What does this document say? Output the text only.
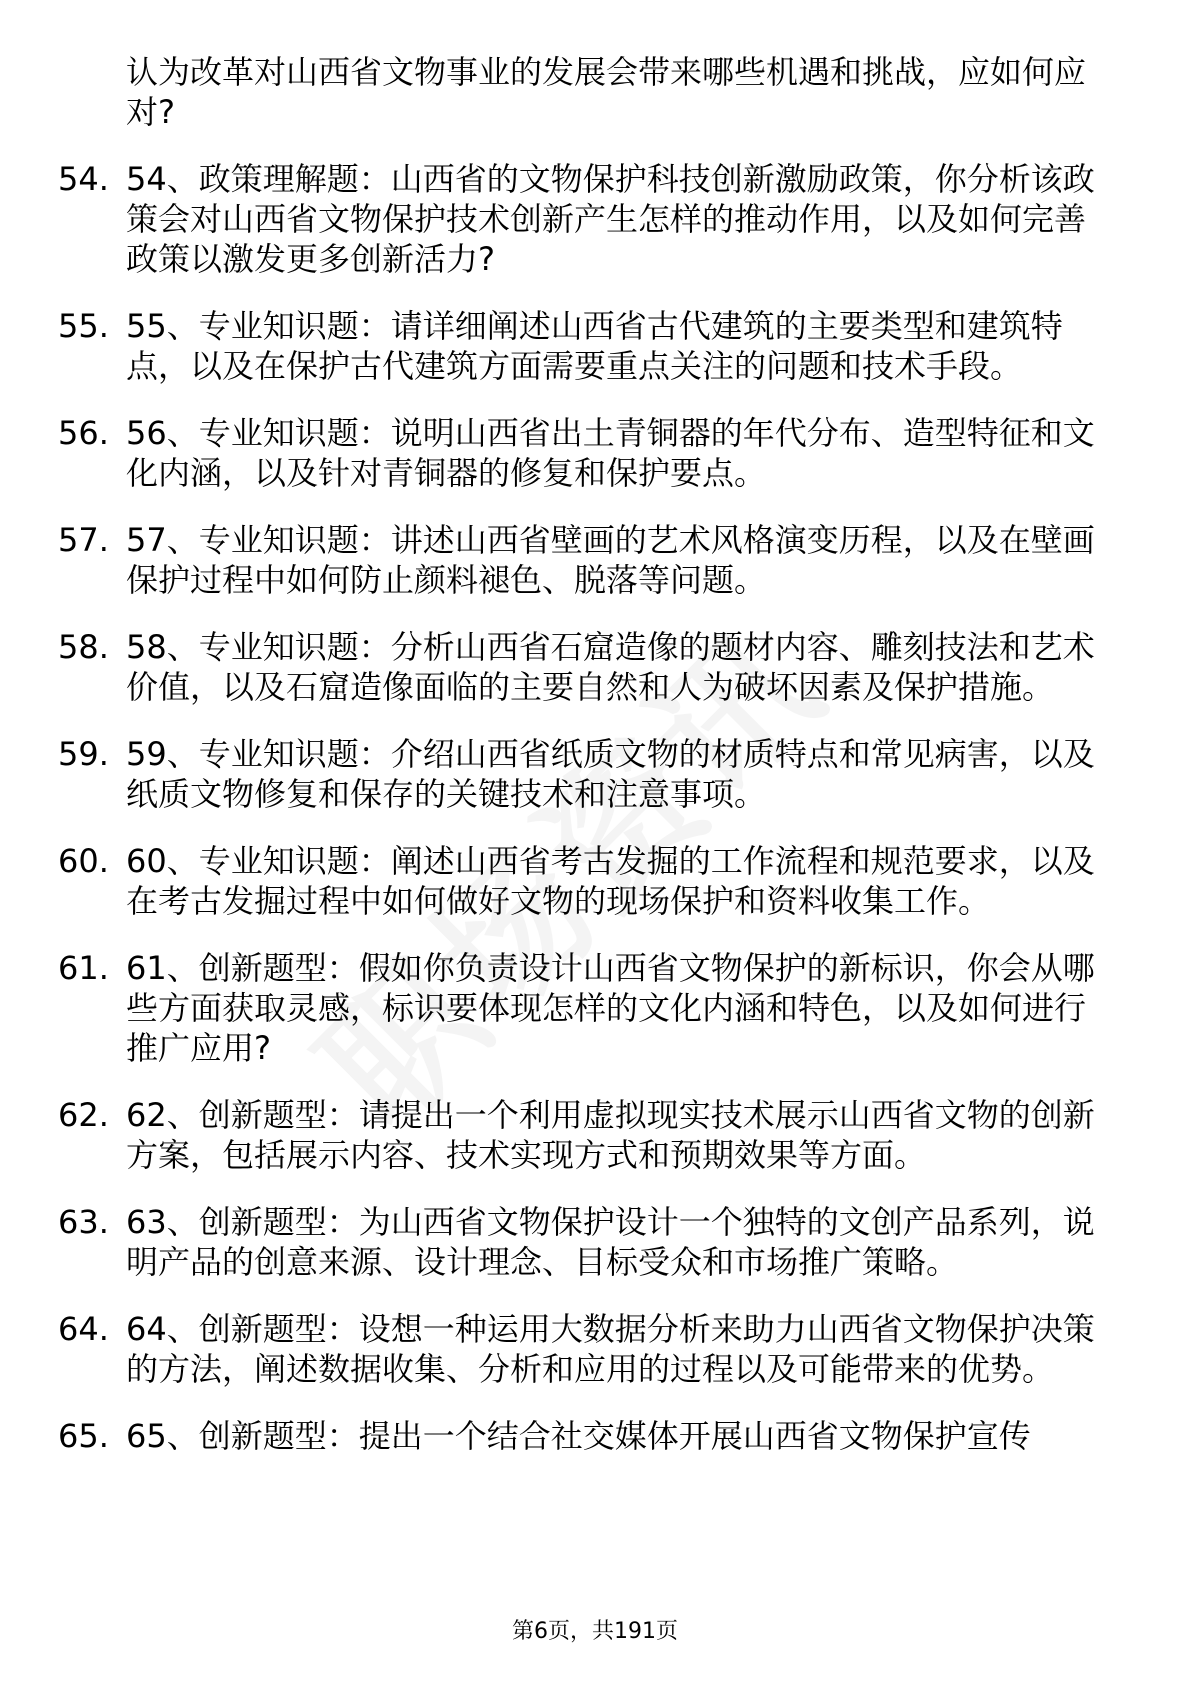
认为改革对山西省文物事业的发展会带来哪些机遇和挑战，应如何应对?
54. 54、政策理解题：山西省的文物保护科技创新激励政策，你分析该政策会对山西省文物保护技术创新产生怎样的推动作用，以及如何完善政策以激发更多创新活力?
55. 55、专业知识题：请详细阐述山西省古代建筑的主要类型和建筑特点，以及在保护古代建筑方面需要重点关注的问题和技术手段。
56. 56、专业知识题：说明山西省出土青铜器的年代分布、造型特征和文化内涵，以及针对青铜器的修复和保护要点。
57. 57、专业知识题：讲述山西省壁画的艺术风格演变历程，以及在壁画保护过程中如何防止颜料褪色、脱落等问题。
58. 58、专业知识题：分析山西省石窟造像的题材内容、雕刻技法和艺术价值，以及石窟造像面临的主要自然和人为破坏因素及保护措施。
59. 59、专业知识题：介绍山西省纸质文物的材质特点和常见病害，以及纸质文物修复和保存的关键技术和注意事项。
60. 60、专业知识题：阐述山西省考古发掘的工作流程和规范要求，以及在考古发掘过程中如何做好文物的现场保护和资料收集工作。
61. 61、创新题型：假如你负责设计山西省文物保护的新标识，你会从哪些方面获取灵感，标识要体现怎样的文化内涵和特色，以及如何进行推广应用?
62. 62、创新题型：请提出一个利用虚拟现实技术展示山西省文物的创新方案，包括展示内容、技术实现方式和预期效果等方面。
63. 63、创新题型：为山西省文物保护设计一个独特的文创产品系列，说明产品的创意来源、设计理念、目标受众和市场推广策略。
64. 64、创新题型：设想一种运用大数据分析来助力山西省文物保护决策的方法，阐述数据收集、分析和应用的过程以及可能带来的优势。
65. 65、创新题型：提出一个结合社交媒体开展山西省文物保护宣传
第6页，共191页
